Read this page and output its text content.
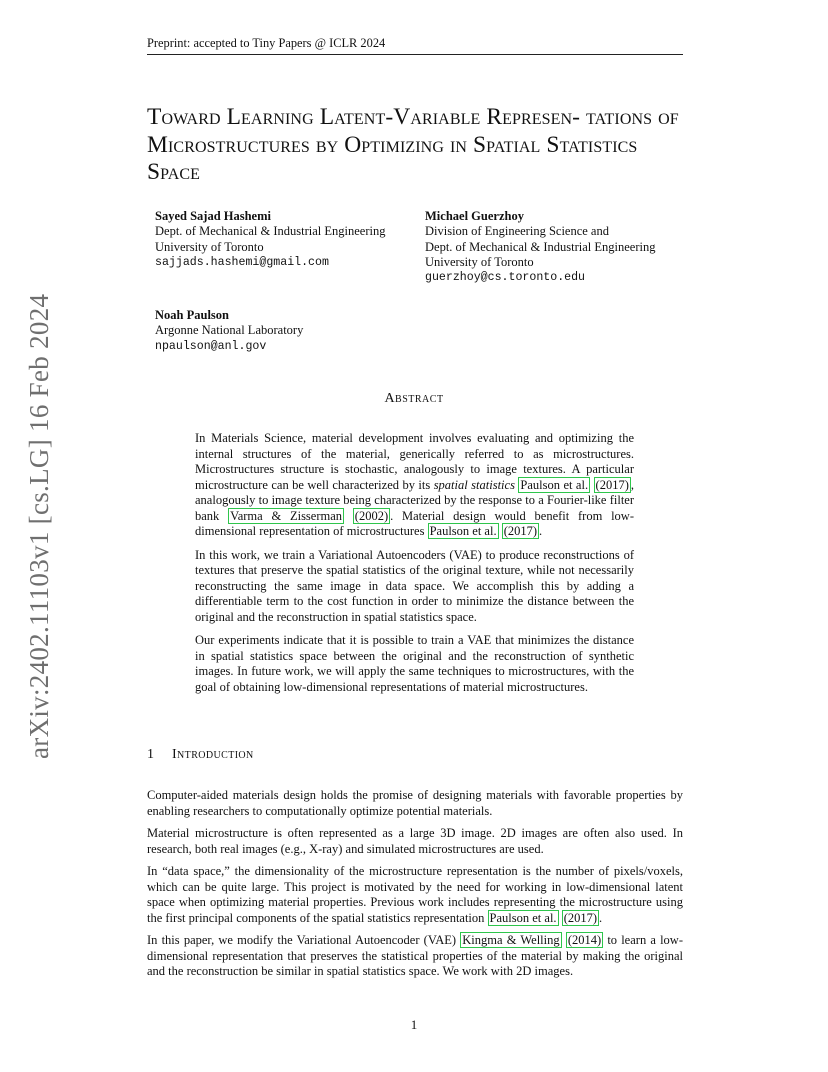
arXiv:2402.11103v1 [cs.LG] 16 Feb 2024
Preprint: accepted to Tiny Papers @ ICLR 2024
Toward Learning Latent-Variable Represen- tations of Microstructures by Optimizing in Spatial Statistics Space
Sayed Sajad Hashemi
Dept. of Mechanical & Industrial Engineering
University of Toronto
sajjads.hashemi@gmail.com
Michael Guerzhoy
Division of Engineering Science and
Dept. of Mechanical & Industrial Engineering
University of Toronto
guerzhoy@cs.toronto.edu
Noah Paulson
Argonne National Laboratory
npaulson@anl.gov
Abstract

In Materials Science, material development involves evaluating and optimizing the internal structures of the material, generically referred to as microstructures. Microstructures structure is stochastic, analogously to image textures. A particular microstructure can be well characterized by its spatial statistics Paulson et al. (2017) , analogously to image texture being characterized by the response to a Fourier-like filter bank Varma & Zisserman (2002) . Material design would benefit from low-dimensional representation of microstructures Paulson et al. (2017) .

In this work, we train a Variational Autoencoders (VAE) to produce reconstructions of textures that preserve the spatial statistics of the original texture, while not necessarily reconstructing the same image in data space. We accomplish this by adding a differentiable term to the cost function in order to minimize the distance between the original and the reconstruction in spatial statistics space.

Our experiments indicate that it is possible to train a VAE that minimizes the distance in spatial statistics space between the original and the reconstruction of synthetic images. In future work, we will apply the same techniques to microstructures, with the goal of obtaining low-dimensional representations of material microstructures.

1 Introduction

Computer-aided materials design holds the promise of designing materials with favorable properties by enabling researchers to computationally optimize potential materials.

Material microstructure is often represented as a large 3D image. 2D images are often also used. In research, both real images (e.g., X-ray) and simulated microstructures are used.

In “data space,” the dimensionality of the microstructure representation is the number of pixels/voxels, which can be quite large. This project is motivated by the need for working in low-dimensional latent space when optimizing material properties. Previous work includes representing the microstructure using the first principal components of the spatial statistics representation Paulson et al. (2017) .

In this paper, we modify the Variational Autoencoder (VAE) Kingma & Welling (2014) to learn a low-dimensional representation that preserves the statistical properties of the material by making the original and the reconstruction be similar in spatial statistics space. We work with 2D images.

1
